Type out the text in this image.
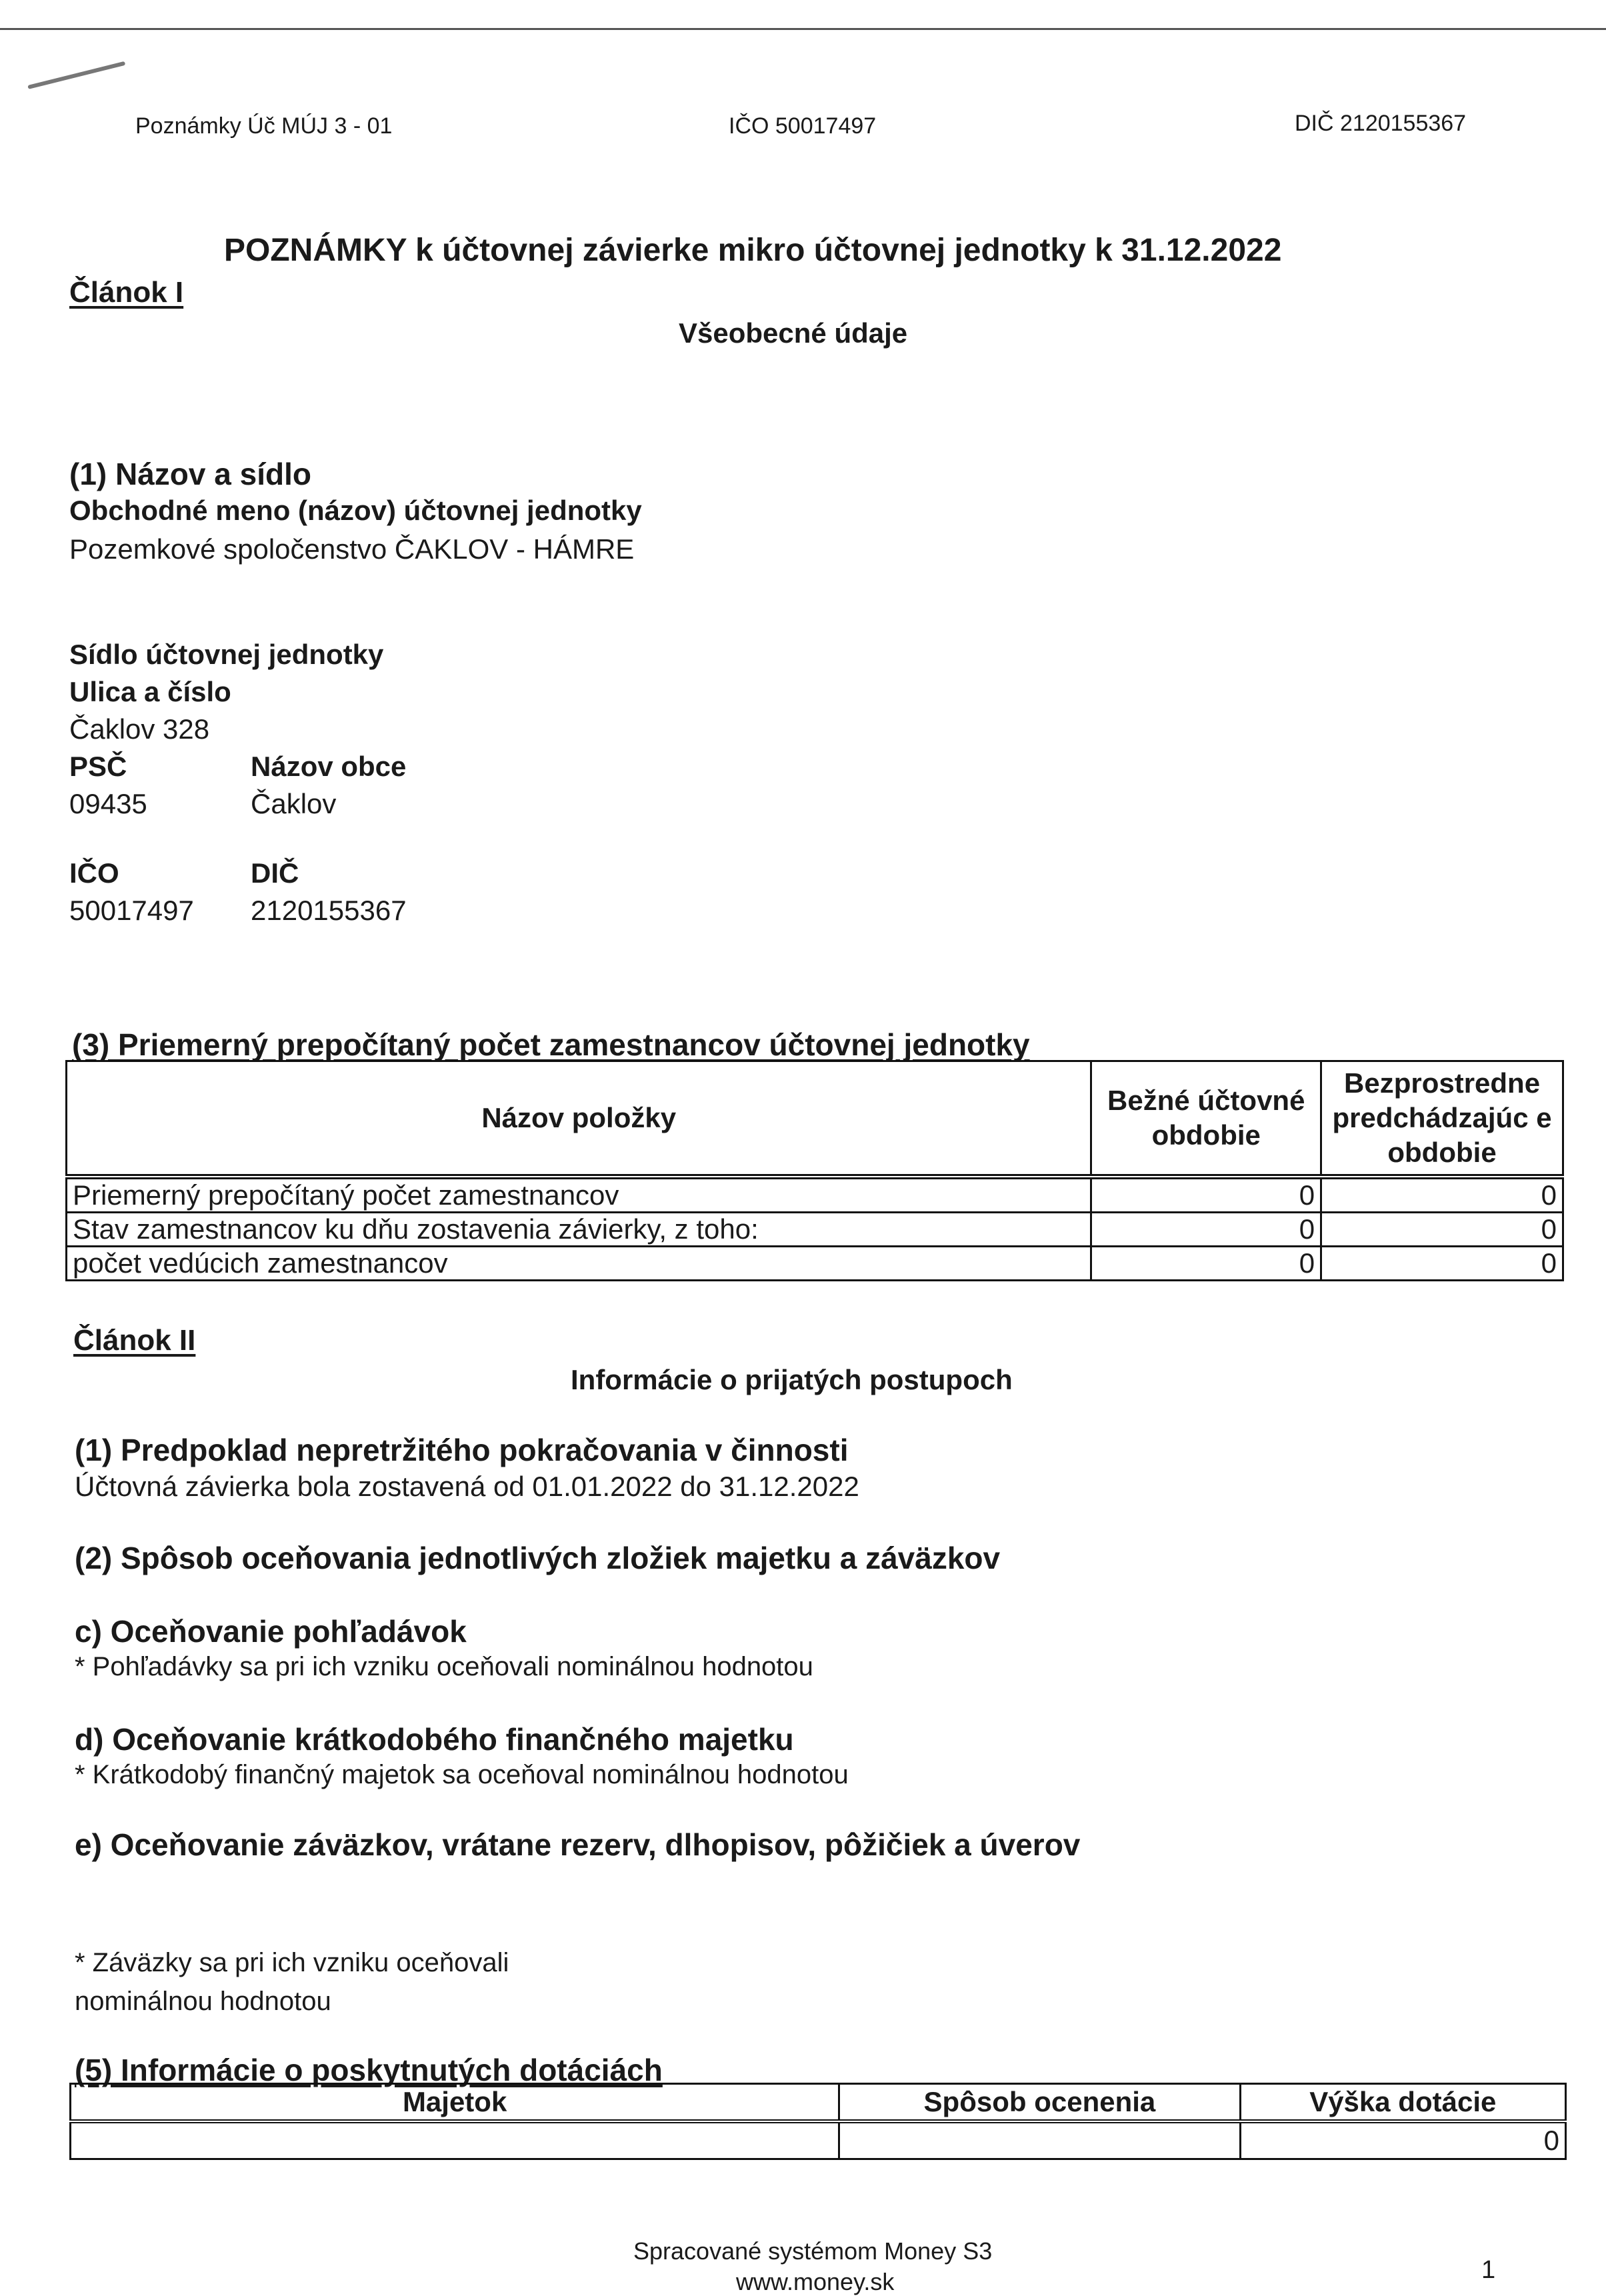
Poznámky Úč MÚJ 3 - 01	IČO 50017497	DIČ 2120155367
POZNÁMKY k účtovnej závierke mikro účtovnej jednotky k 31.12.2022
Článok I
Všeobecné údaje
(1) Názov a sídlo
Obchodné meno (názov) účtovnej jednotky
Pozemkové spoločenstvo ČAKLOV - HÁMRE
Sídlo účtovnej jednotky
Ulica a číslo
Čaklov 328
PSČ	Názov obce
09435	Čaklov
IČO	DIČ
50017497 2120155367
(3) Priemerný prepočítaný počet zamestnancov účtovnej jednotky
Názov položky	Bežné účtovné obdobie	Bezprostredne predchádzajúc e obdobie
Priemerný prepočítaný počet zamestnancov	0	0
Stav zamestnancov ku dňu zostavenia závierky, z toho:	0	0
počet vedúcich zamestnancov	0	0
Článok II
Informácie o prijatých postupoch
(1) Predpoklad nepretržitého pokračovania v činnosti
Účtovná závierka bola zostavená od 01.01.2022 do 31.12.2022
(2) Spôsob oceňovania jednotlivých zložiek majetku a záväzkov
c) Oceňovanie pohľadávok
* Pohľadávky sa pri ich vzniku oceňovali nominálnou hodnotou
d) Oceňovanie krátkodobého finančného majetku
* Krátkodobý finančný majetok sa oceňoval nominálnou hodnotou
e) Oceňovanie záväzkov, vrátane rezerv, dlhopisov, pôžičiek a úverov
* Záväzky sa pri ich vzniku oceňovali
nominálnou hodnotou
(5) Informácie o poskytnutých dotáciách
Majetok	Spôsob ocenenia	Výška dotácie
		0
Spracované systémom Money S3
www.money.sk	1
